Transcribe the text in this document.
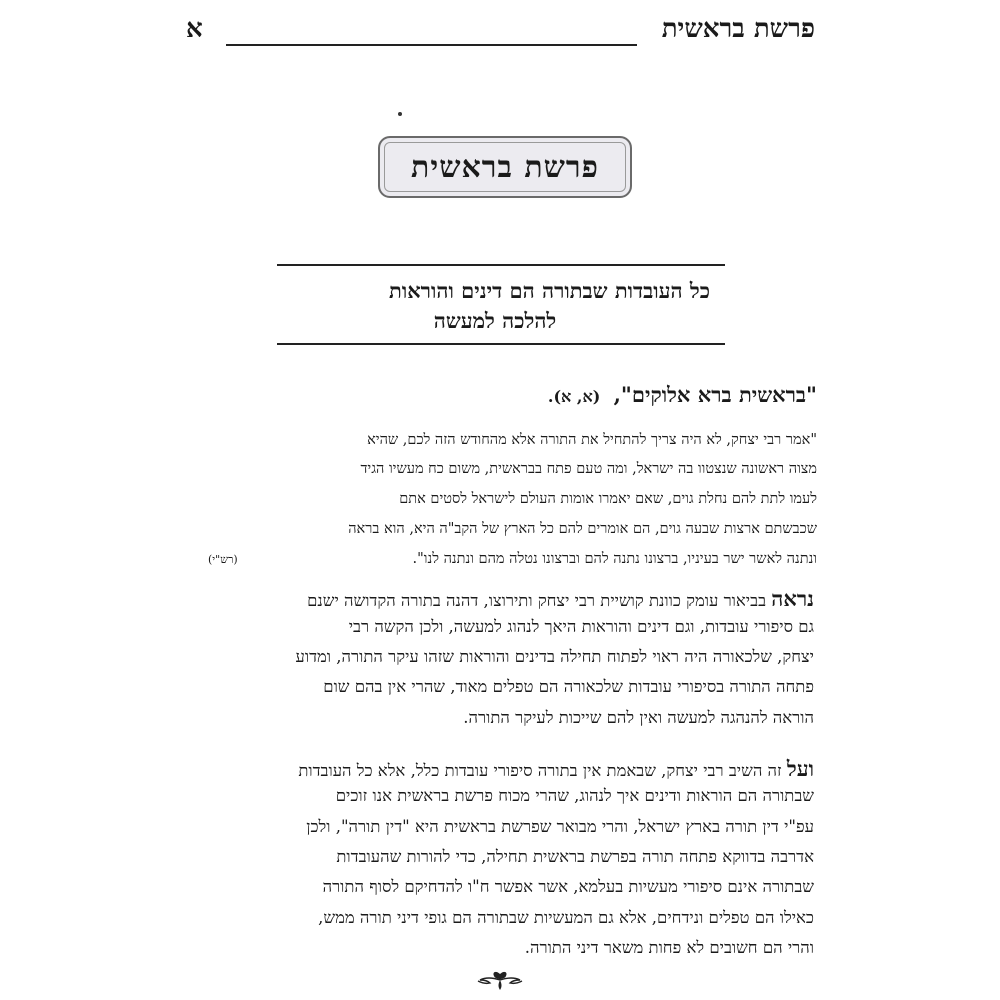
פרשת בראשית
א
פרשת בראשית
כל העובדות שבתורה הם דינים והוראות
להלכה למעשה
"בראשית ברא אלוקים", (א, א).
"אמר רבי יצחק, לא היה צריך להתחיל את התורה אלא מהחודש הזה לכם, שהיא
מצוה ראשונה שנצטוו בה ישראל, ומה טעם פתח בבראשית, משום כח מעשיו הגיד
לעמו לתת להם נחלת גוים, שאם יאמרו אומות העולם לישראל לסטים אתם
שכבשתם ארצות שבעה גוים, הם אומרים להם כל הארץ של הקב"ה היא, הוא בראה
ונתנה לאשר ישר בעיניו, ברצונו נתנה להם וברצונו נטלה מהם ונתנה לנו".
(רש"י)
נראה בביאור עומק כוונת קושיית רבי יצחק ותירוצו, דהנה בתורה הקדושה ישנם
גם סיפורי עובדות, וגם דינים והוראות היאך לנהוג למעשה, ולכן הקשה רבי
יצחק, שלכאורה היה ראוי לפתוח תחילה בדינים והוראות שזהו עיקר התורה, ומדוע
פתחה התורה בסיפורי עובדות שלכאורה הם טפלים מאוד, שהרי אין בהם שום
הוראה להנהגה למעשה ואין להם שייכות לעיקר התורה.
ועל זה השיב רבי יצחק, שבאמת אין בתורה סיפורי עובדות כלל, אלא כל העובדות
שבתורה הם הוראות ודינים איך לנהוג, שהרי מכוח פרשת בראשית אנו זוכים
עפ"י דין תורה בארץ ישראל, והרי מבואר שפרשת בראשית היא "דין תורה", ולכן
אדרבה בדווקא פתחה תורה בפרשת בראשית תחילה, כדי להורות שהעובדות
שבתורה אינם סיפורי מעשיות בעלמא, אשר אפשר ח"ו להדחיקם לסוף התורה
כאילו הם טפלים ונידחים, אלא גם המעשיות שבתורה הם גופי דיני תורה ממש,
והרי הם חשובים לא פחות משאר דיני התורה.
